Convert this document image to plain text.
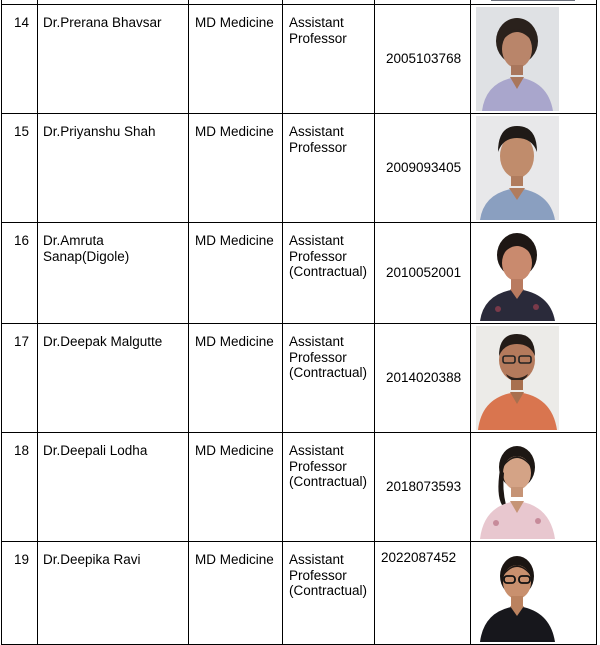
14	Dr.Prerana Bhavsar	MD Medicine	Assistant
Professor	2005103768	

15	Dr.Priyanshu Shah	MD Medicine	Assistant
Professor	2009093405	

16	Dr.Amruta
Sanap(Digole)	MD Medicine	Assistant
Professor
(Contractual)	2010052001	

17	Dr.Deepak Malgutte	MD Medicine	Assistant
Professor
(Contractual)	2014020388	

18	Dr.Deepali Lodha	MD Medicine	Assistant
Professor
(Contractual)	2018073593	

19	Dr.Deepika Ravi	MD Medicine	Assistant
Professor
(Contractual)	2022087452	
